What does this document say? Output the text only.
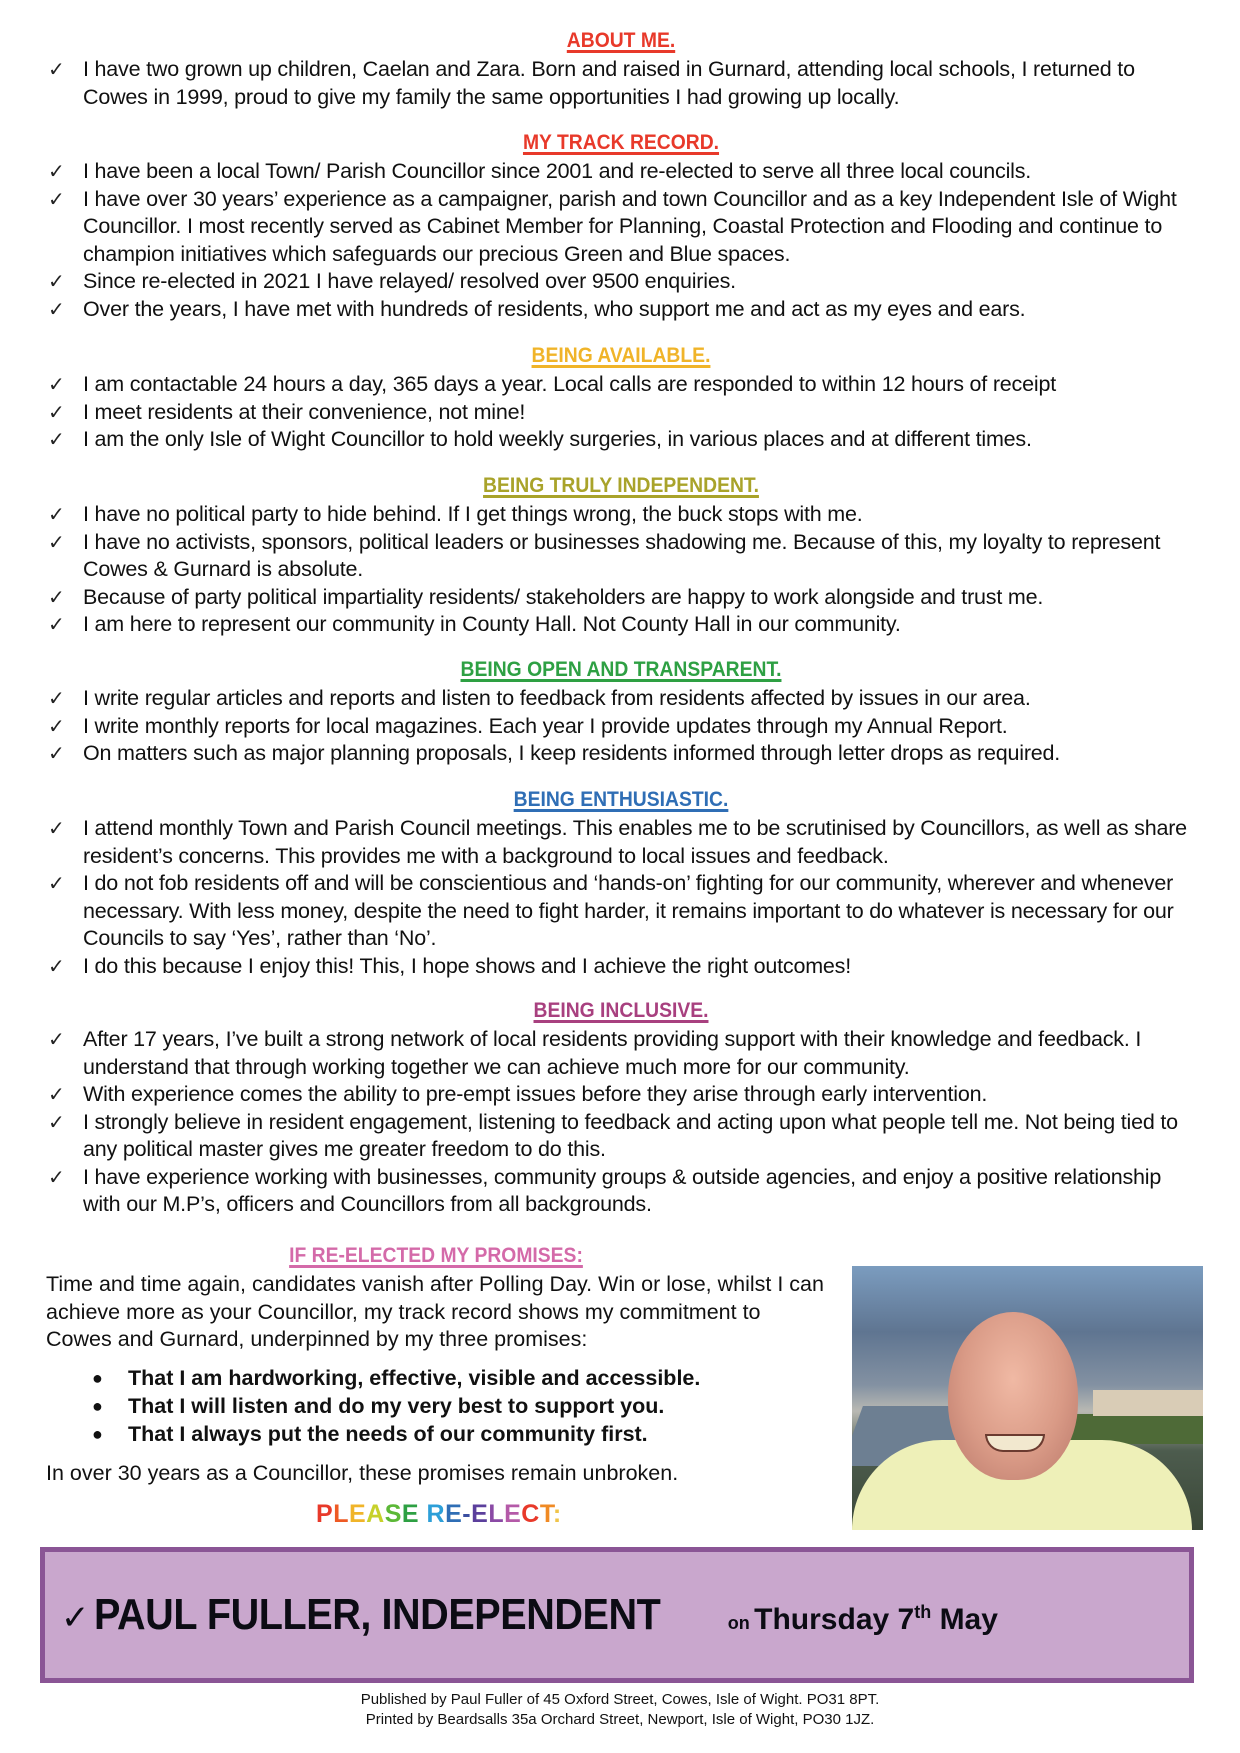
ABOUT ME.
✓ I have two grown up children, Caelan and Zara. Born and raised in Gurnard, attending local schools, I returned to Cowes in 1999, proud to give my family the same opportunities I had growing up locally.
MY TRACK RECORD.
✓ I have been a local Town/ Parish Councillor since 2001 and re-elected to serve all three local councils.
✓ I have over 30 years’ experience as a campaigner, parish and town Councillor and as a key Independent Isle of Wight Councillor. I most recently served as Cabinet Member for Planning, Coastal Protection and Flooding and continue to champion initiatives which safeguards our precious Green and Blue spaces.
✓ Since re-elected in 2021 I have relayed/ resolved over 9500 enquiries.
✓ Over the years, I have met with hundreds of residents, who support me and act as my eyes and ears.
BEING AVAILABLE.
✓ I am contactable 24 hours a day, 365 days a year. Local calls are responded to within 12 hours of receipt
✓ I meet residents at their convenience, not mine!
✓ I am the only Isle of Wight Councillor to hold weekly surgeries, in various places and at different times.
BEING TRULY INDEPENDENT.
✓ I have no political party to hide behind. If I get things wrong, the buck stops with me.
✓ I have no activists, sponsors, political leaders or businesses shadowing me. Because of this, my loyalty to represent Cowes & Gurnard is absolute.
✓ Because of party political impartiality residents/ stakeholders are happy to work alongside and trust me.
✓ I am here to represent our community in County Hall. Not County Hall in our community.
BEING OPEN AND TRANSPARENT.
✓ I write regular articles and reports and listen to feedback from residents affected by issues in our area.
✓ I write monthly reports for local magazines. Each year I provide updates through my Annual Report.
✓ On matters such as major planning proposals, I keep residents informed through letter drops as required.
BEING ENTHUSIASTIC.
✓ I attend monthly Town and Parish Council meetings. This enables me to be scrutinised by Councillors, as well as share resident’s concerns. This provides me with a background to local issues and feedback.
✓ I do not fob residents off and will be conscientious and ‘hands-on’ fighting for our community, wherever and whenever necessary. With less money, despite the need to fight harder, it remains important to do whatever is necessary for our Councils to say ‘Yes’, rather than ‘No’.
✓ I do this because I enjoy this! This, I hope shows and I achieve the right outcomes!
BEING INCLUSIVE.
✓ After 17 years, I’ve built a strong network of local residents providing support with their knowledge and feedback. I understand that through working together we can achieve much more for our community.
✓ With experience comes the ability to pre-empt issues before they arise through early intervention.
✓ I strongly believe in resident engagement, listening to feedback and acting upon what people tell me. Not being tied to any political master gives me greater freedom to do this.
✓ I have experience working with businesses, community groups & outside agencies, and enjoy a positive relationship with our M.P’s, officers and Councillors from all backgrounds.
IF RE-ELECTED MY PROMISES:
Time and time again, candidates vanish after Polling Day. Win or lose, whilst I can achieve more as your Councillor, my track record shows my commitment to Cowes and Gurnard, underpinned by my three promises:
● That I am hardworking, effective, visible and accessible.
● That I will listen and do my very best to support you.
● That I always put the needs of our community first.
In over 30 years as a Councillor, these promises remain unbroken.
PLEASE RE-ELECT:
✓ PAUL FULLER, INDEPENDENT	on Thursday 7th May
Published by Paul Fuller of 45 Oxford Street, Cowes, Isle of Wight. PO31 8PT.
Printed by Beardsalls 35a Orchard Street, Newport, Isle of Wight, PO30 1JZ.
